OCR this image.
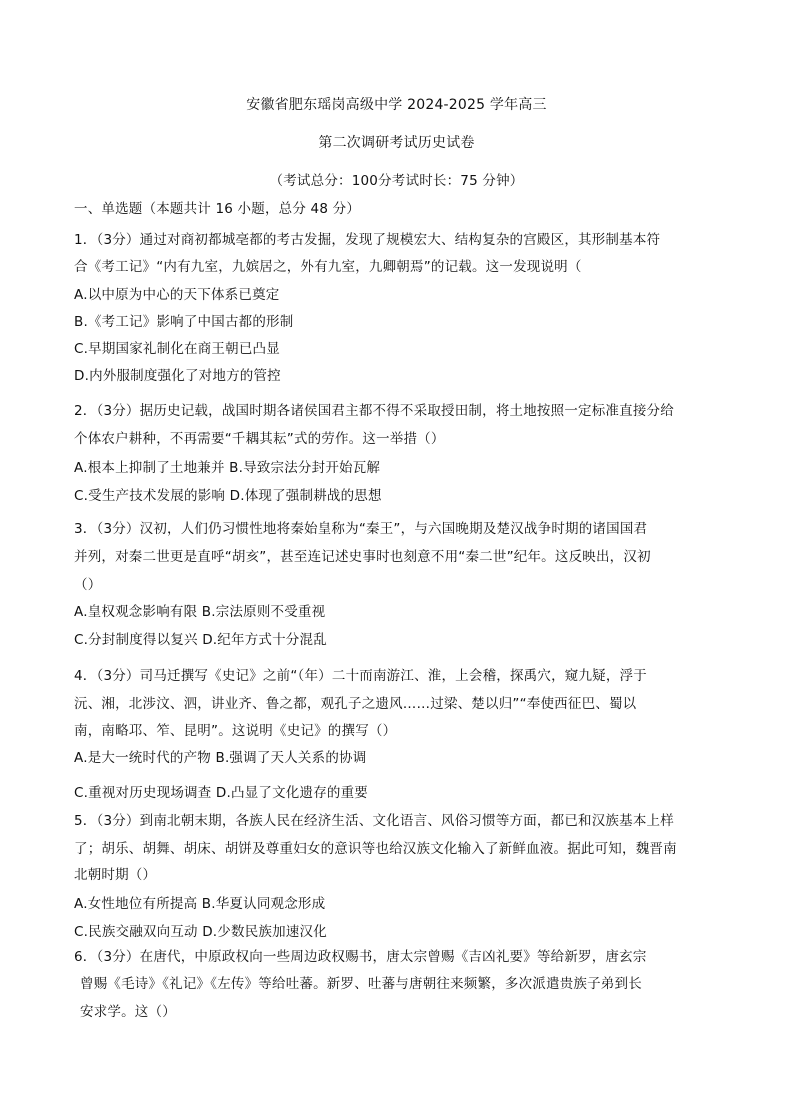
安徽省肥东瑶岗高级中学 2024-2025 学年高三
第二次调研考试历史试卷
（考试总分：100分考试时长：75 分钟）
一、单选题（本题共计 16 小题，总分 48 分）
1．（3分）通过对商初都城亳都的考古发掘，发现了规模宏大、结构复杂的宫殿区，其形制基本符
合《考工记》“内有九室，九嫔居之，外有九室，九卿朝焉”的记载。这一发现说明（
A.以中原为中心的天下体系已奠定
B.《考工记》影响了中国古都的形制
C.早期国家礼制化在商王朝已凸显
D.内外服制度强化了对地方的管控
2．（3分）据历史记载，战国时期各诸侯国君主都不得不采取授田制，将土地按照一定标准直接分给
个体农户耕种，不再需要“千耦其耘”式的劳作。这一举措（）
A.根本上抑制了土地兼并 B.导致宗法分封开始瓦解
C.受生产技术发展的影响 D.体现了强制耕战的思想
3．（3分）汉初，人们仍习惯性地将秦始皇称为“秦王”，与六国晚期及楚汉战争时期的诸国国君
并列，对秦二世更是直呼“胡亥”，甚至连记述史事时也刻意不用“秦二世”纪年。这反映出，汉初
（）
A.皇权观念影响有限 B.宗法原则不受重视
C.分封制度得以复兴 D.纪年方式十分混乱
4．（3分）司马迁撰写《史记》之前“（年）二十而南游江、淮，上会稽，探禹穴，窥九疑，浮于
沅、湘，北涉汶、泗，讲业齐、鲁之都，观孔子之遗风……过梁、楚以归”“奉使西征巴、蜀以
南，南略邛、笮、昆明”。这说明《史记》的撰写（）
A.是大一统时代的产物 B.强调了天人关系的协调
C.重视对历史现场调查 D.凸显了文化遗存的重要
5．（3分）到南北朝末期，各族人民在经济生活、文化语言、风俗习惯等方面，都已和汉族基本上样
了；胡乐、胡舞、胡床、胡饼及尊重妇女的意识等也给汉族文化输入了新鲜血液。据此可知，魏晋南
北朝时期（）
A.女性地位有所提高 B.华夏认同观念形成
C.民族交融双向互动 D.少数民族加速汉化
6．（3分）在唐代，中原政权向一些周边政权赐书，唐太宗曾赐《吉凶礼要》等给新罗，唐玄宗
曾赐《毛诗》《礼记》《左传》等给吐蕃。新罗、吐蕃与唐朝往来频繁，多次派遣贵族子弟到长
安求学。这（）
